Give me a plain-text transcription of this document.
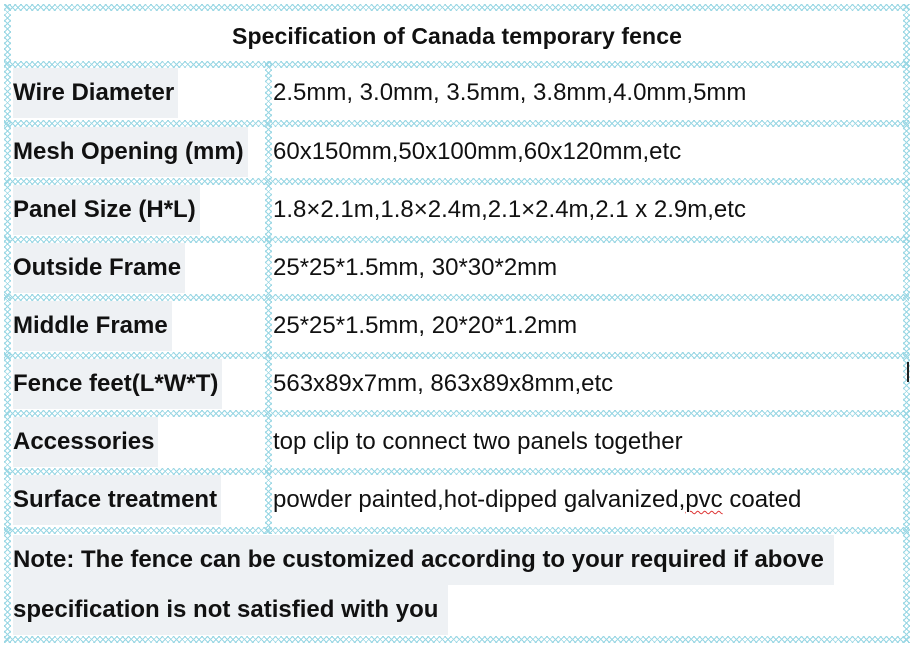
Specification of Canada temporary fence
Wire Diameter	2.5mm, 3.0mm, 3.5mm, 3.8mm,4.0mm,5mm
Mesh Opening (mm) 60x150mm,50x100mm,60x120mm,etc
Panel Size (H*L)	1.8×2.1m,1.8×2.4m,2.1×2.4m,2.1 x 2.9m,etc
Outside Frame	25*25*1.5mm, 30*30*2mm
Middle Frame	25*25*1.5mm, 20*20*1.2mm
Fence feet(L*W*T) 563x89x7mm, 863x89x8mm,etc
Accessories	top clip to connect two panels together
Surface treatment powder painted,hot-dipped galvanized,pvc coated
Note: The fence can be customized according to your required if above
specification is not satisfied with you
